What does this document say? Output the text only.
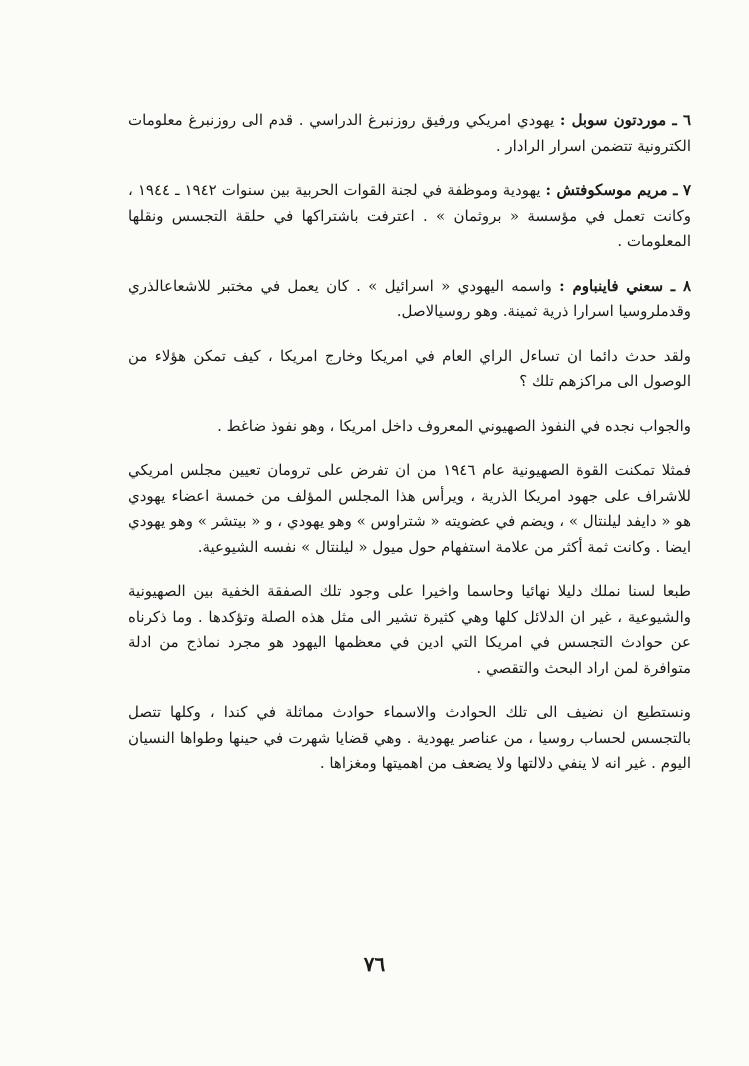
٦ ـ موردتون سوبل : يهودي امريكي ورفيق روزنبرغ الدراسي . قدم الى روزنبرغ معلومات الكترونية تتضمن اسرار الرادار .

٧ ـ مريم موسكوفتش : يهودية وموظفة في لجنة القوات الحربية بين سنوات ١٩٤٢ ـ ١٩٤٤ ، وكانت تعمل في مؤسسة « بروثمان » . اعترفت باشتراكها في حلقة التجسس ونقلها المعلومات .

٨ ـ سعني فاينباوم : واسمه اليهودي « اسرائيل » . كان يعمل في مختبر للاشعاعالذري وقدملروسيا اسرارا ذرية ثمينة. وهو روسيالاصل.

ولقد حدث دائما ان تساءل الراي العام في امريكا وخارج امريكا ، كيف تمكن هؤلاء من الوصول الى مراكزهم تلك ؟

والجواب نجده في النفوذ الصهيوني المعروف داخل امريكا ، وهو نفوذ ضاغط .

فمثلا تمكنت القوة الصهيونية عام ١٩٤٦ من ان تفرض على ترومان تعيين مجلس امريكي للاشراف على جهود امريكا الذرية ، ويرأس هذا المجلس المؤلف من خمسة اعضاء يهودي هو « دايفد ليلنتال » ، ويضم في عضويته « شتراوس » وهو يهودي ، و « بيتشر » وهو يهودي ايضا . وكانت ثمة أكثر من علامة استفهام حول ميول « ليلنتال » نفسه الشيوعية.

طبعا لسنا نملك دليلا نهائيا وحاسما واخيرا على وجود تلك الصفقة الخفية بين الصهيونية والشيوعية ، غير ان الدلائل كلها وهي كثيرة تشير الى مثل هذه الصلة وتؤكدها . وما ذكرناه عن حوادث التجسس في امريكا التي ادين في معظمها اليهود هو مجرد نماذج من ادلة متوافرة لمن اراد البحث والتقصي .

ونستطيع ان نضيف الى تلك الحوادث والاسماء حوادث مماثلة في كندا ، وكلها تتصل بالتجسس لحساب روسيا ، من عناصر يهودية . وهي قضايا شهرت في حينها وطواها النسيان اليوم . غير انه لا ينفي دلالتها ولا يضعف من اهميتها ومغزاها .

٧٦
